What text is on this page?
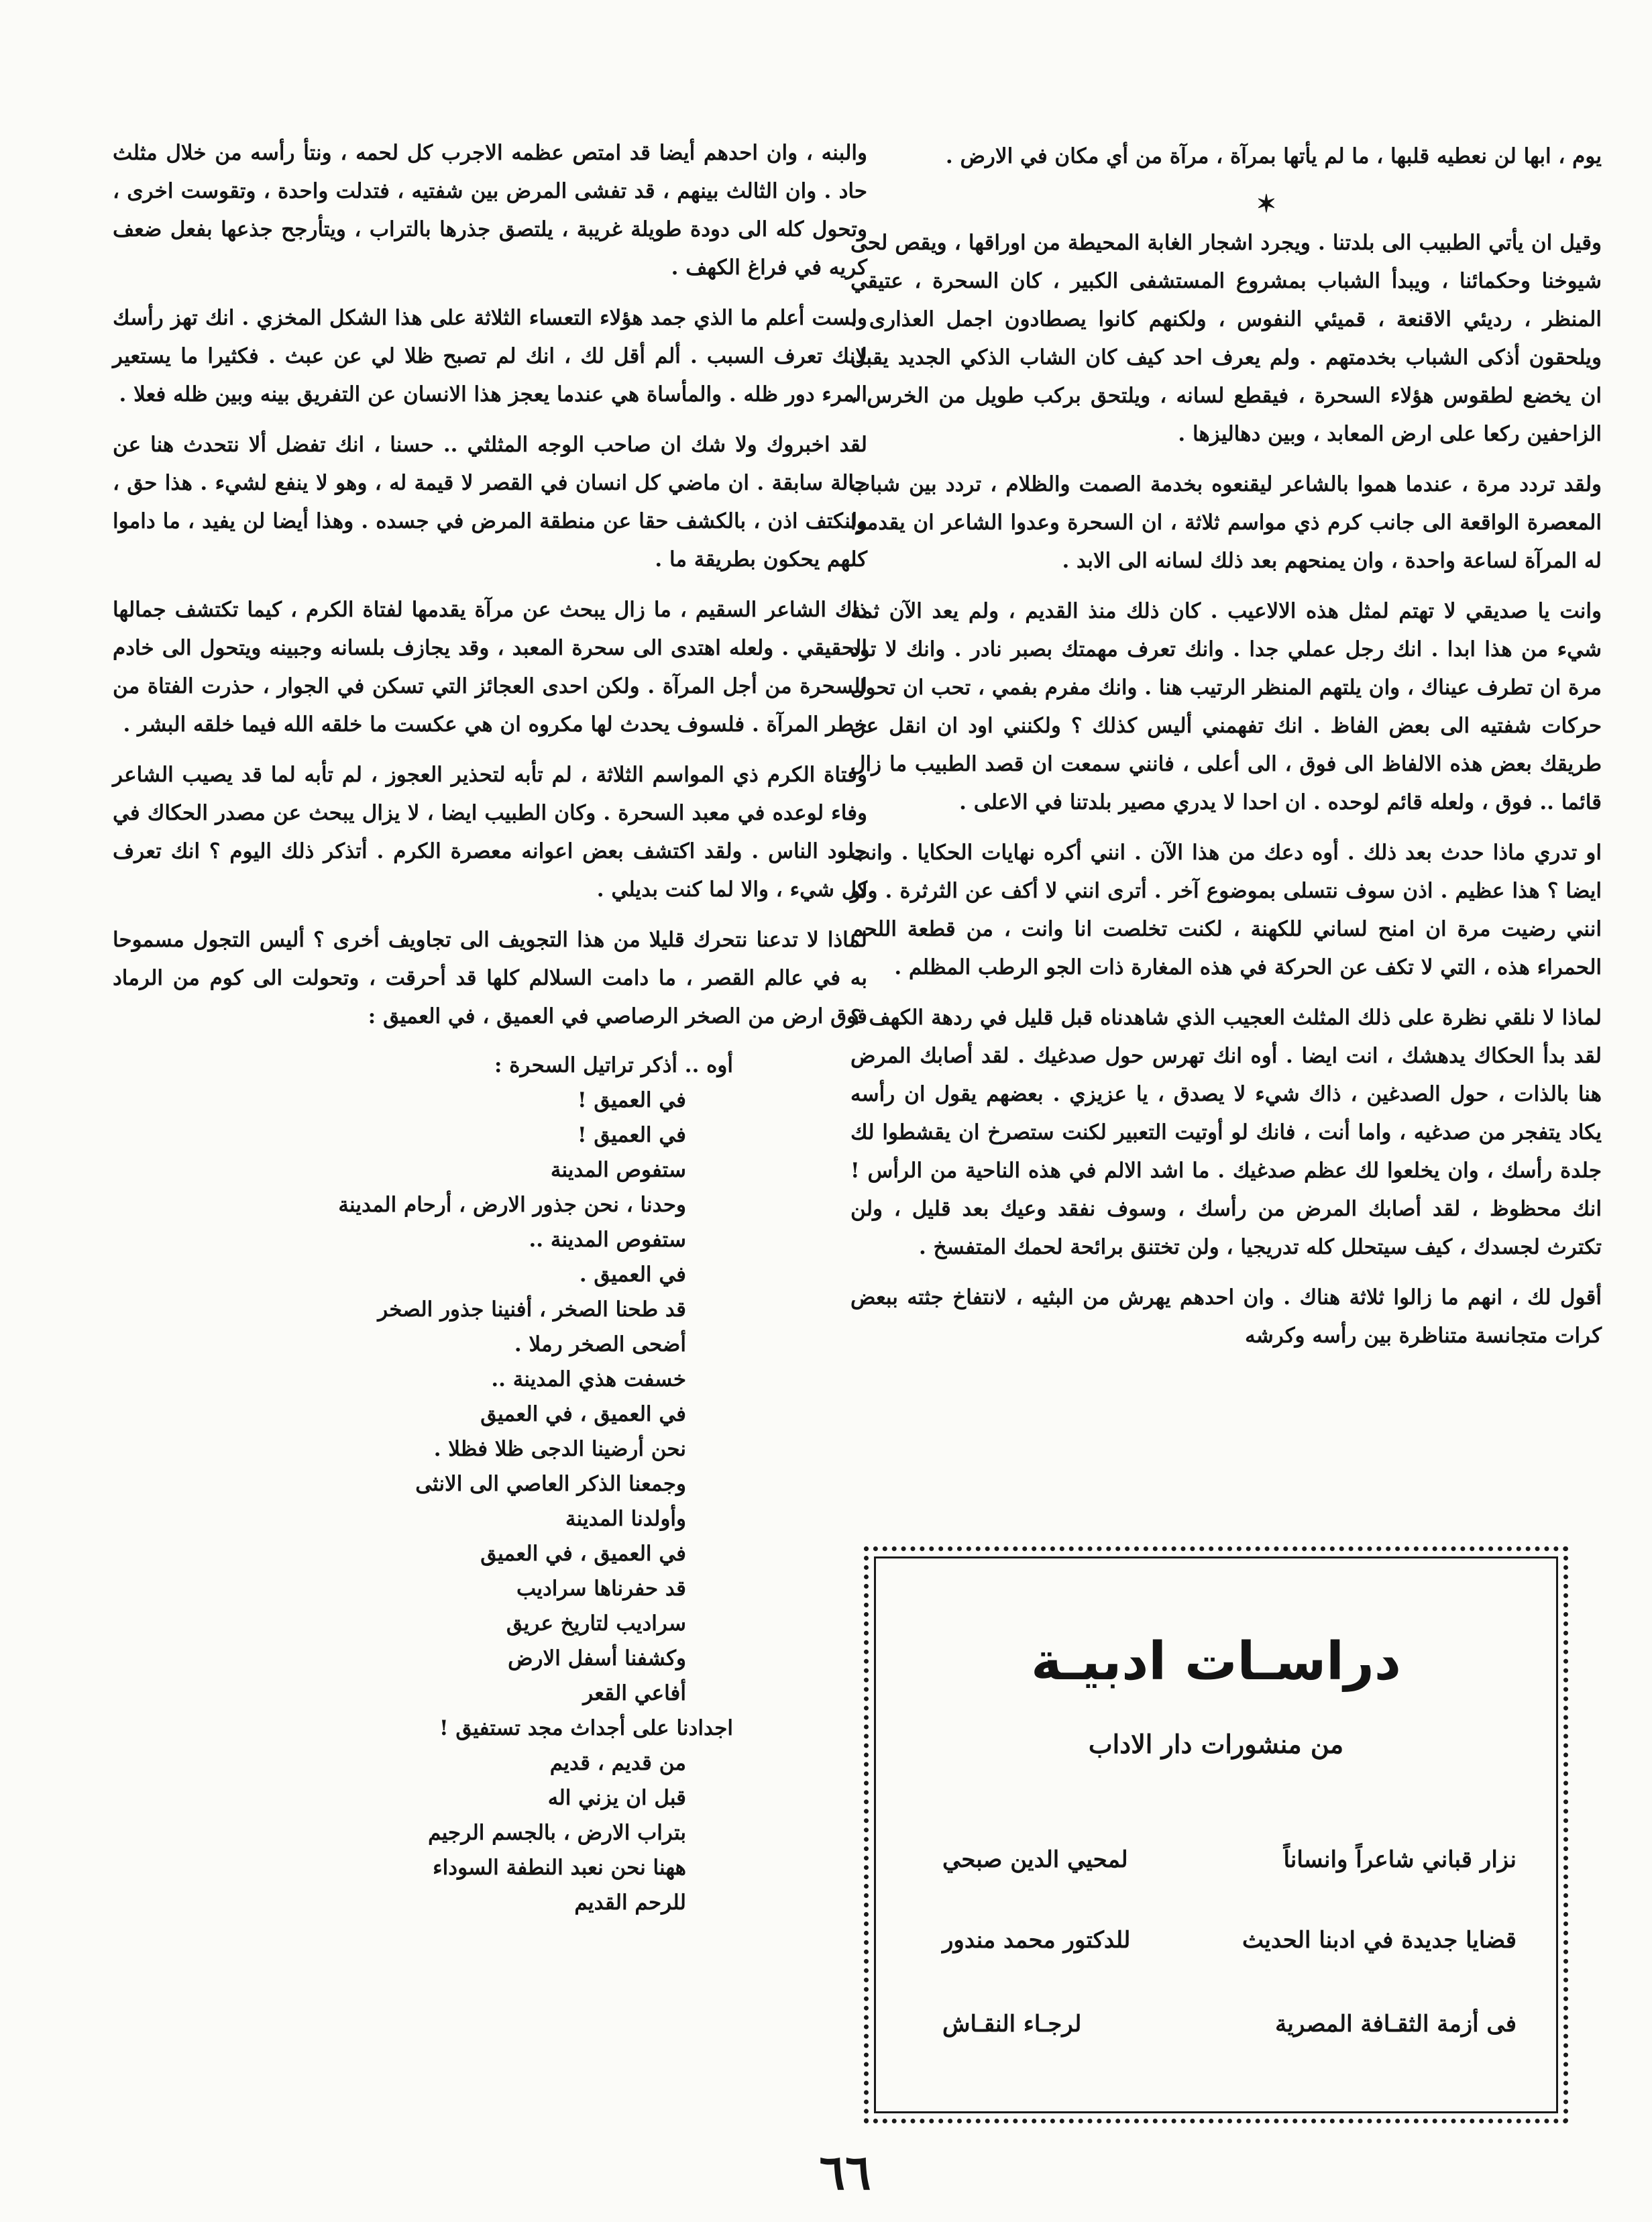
يوم ، ابها لن نعطيه قلبها ، ما لم يأتها بمرآة ، مرآة من أي مكان في الارض .

✶

وقيل ان يأتي الطبيب الى بلدتنا . ويجرد اشجار الغابة المحيطة من اوراقها ، ويقص لحى شيوخنا وحكمائنا ، ويبدأ الشباب بمشروع المستشفى الكبير ، كان السحرة ، عتيقي المنظر ، رديئي الاقنعة ، قميئي النفوس ، ولكنهم كانوا يصطادون اجمل العذارى ، ويلحقون أذكى الشباب بخدمتهم . ولم يعرف احد كيف كان الشاب الذكي الجديد يقبل ان يخضع لطقوس هؤلاء السحرة ، فيقطع لسانه ، ويلتحق بركب طويل من الخرس ، الزاحفين ركعا على ارض المعابد ، وبين دهاليزها .

ولقد تردد مرة ، عندما هموا بالشاعر ليقنعوه بخدمة الصمت والظلام ، تردد بين شباب المعصرة الواقعة الى جانب كرم ذي مواسم ثلاثة ، ان السحرة وعدوا الشاعر ان يقدموا له المرآة لساعة واحدة ، وان يمنحهم بعد ذلك لسانه الى الابد .

وانت يا صديقي لا تهتم لمثل هذه الالاعيب . كان ذلك منذ القديم ، ولم يعد الآن ثمة شيء من هذا ابدا . انك رجل عملي جدا . وانك تعرف مهمتك بصبر نادر . وانك لا تود مرة ان تطرف عيناك ، وان يلتهم المنظر الرتيب هنا . وانك مفرم بفمي ، تحب ان تحول حركات شفتيه الى بعض الفاظ . انك تفهمني أليس كذلك ؟ ولكنني اود ان انقل عن طريقك بعض هذه الالفاظ الى فوق ، الى أعلى ، فانني سمعت ان قصد الطبيب ما زال قائما .. فوق ، ولعله قائم لوحده . ان احدا لا يدري مصير بلدتنا في الاعلى .

او تدري ماذا حدث بعد ذلك . أوه دعك من هذا الآن . انني أكره نهايات الحكايا . وانت ايضا ؟ هذا عظيم . اذن سوف نتسلى بموضوع آخر . أترى انني لا أكف عن الثرثرة . ولو انني رضيت مرة ان امنح لساني للكهنة ، لكنت تخلصت انا وانت ، من قطعة اللحم الحمراء هذه ، التي لا تكف عن الحركة في هذه المغارة ذات الجو الرطب المظلم .

لماذا لا نلقي نظرة على ذلك المثلث العجيب الذي شاهدناه قبل قليل في ردهة الكهف ؟ لقد بدأ الحكاك يدهشك ، انت ايضا . أوه انك تهرس حول صدغيك . لقد أصابك المرض هنا بالذات ، حول الصدغين ، ذاك شيء لا يصدق ، يا عزيزي . بعضهم يقول ان رأسه يكاد يتفجر من صدغيه ، واما أنت ، فانك لو أوتيت التعبير لكنت ستصرخ ان يقشطوا لك جلدة رأسك ، وان يخلعوا لك عظم صدغيك . ما اشد الالم في هذه الناحية من الرأس ! انك محظوظ ، لقد أصابك المرض من رأسك ، وسوف نفقد وعيك بعد قليل ، ولن تكترث لجسدك ، كيف سيتحلل كله تدريجيا ، ولن تختنق برائحة لحمك المتفسخ .

أقول لك ، انهم ما زالوا ثلاثة هناك . وان احدهم يهرش من البثيه ، لانتفاخ جثته ببعض كرات متجانسة متناظرة بين رأسه وكرشه

والبنه ، وان احدهم أيضا قد امتص عظمه الاجرب كل لحمه ، ونتأ رأسه من خلال مثلث حاد . وان الثالث بينهم ، قد تفشى المرض بين شفتيه ، فتدلت واحدة ، وتقوست اخرى ، وتحول كله الى دودة طويلة غريبة ، يلتصق جذرها بالتراب ، ويتأرجح جذعها بفعل ضعف كريه في فراغ الكهف .

ولست أعلم ما الذي جمد هؤلاء التعساء الثلاثة على هذا الشكل المخزي . انك تهز رأسك لانك تعرف السبب . ألم أقل لك ، انك لم تصبح ظلا لي عن عبث . فكثيرا ما يستعير المرء دور ظله . والمأساة هي عندما يعجز هذا الانسان عن التفريق بينه وبين ظله فعلا .

لقد اخبروك ولا شك ان صاحب الوجه المثلثي .. حسنا ، انك تفضل ألا نتحدث هنا عن حالة سابقة . ان ماضي كل انسان في القصر لا قيمة له ، وهو لا ينفع لشيء . هذا حق ، ولنكتف اذن ، بالكشف حقا عن منطقة المرض في جسده . وهذا أيضا لن يفيد ، ما داموا كلهم يحكون بطريقة ما .

ذاك الشاعر السقيم ، ما زال يبحث عن مرآة يقدمها لفتاة الكرم ، كيما تكتشف جمالها الحقيقي . ولعله اهتدى الى سحرة المعبد ، وقد يجازف بلسانه وجبينه ويتحول الى خادم للسحرة من أجل المرآة . ولكن احدى العجائز التي تسكن في الجوار ، حذرت الفتاة من خطر المرآة . فلسوف يحدث لها مكروه ان هي عكست ما خلقه الله فيما خلقه البشر .

وفتاة الكرم ذي المواسم الثلاثة ، لم تأبه لتحذير العجوز ، لم تأبه لما قد يصيب الشاعر وفاء لوعده في معبد السحرة . وكان الطبيب ايضا ، لا يزال يبحث عن مصدر الحكاك في جلود الناس . ولقد اكتشف بعض اعوانه معصرة الكرم . أتذكر ذلك اليوم ؟ انك تعرف كل شيء ، والا لما كنت بديلي .

لماذا لا تدعنا نتحرك قليلا من هذا التجويف الى تجاويف أخرى ؟ أليس التجول مسموحا به في عالم القصر ، ما دامت السلالم كلها قد أحرقت ، وتحولت الى كوم من الرماد فوق ارض من الصخر الرصاصي في العميق ، في العميق :

أوه .. أذكر تراتيل السحرة :
في العميق !
في العميق !
ستفوص المدينة
وحدنا ، نحن جذور الارض ، أرحام المدينة
ستفوص المدينة ..
في العميق .
قد طحنا الصخر ، أفنينا جذور الصخر
أضحى الصخر رملا .
خسفت هذي المدينة ..
في العميق ، في العميق
نحن أرضينا الدجى ظلا فظلا .
وجمعنا الذكر العاصي الى الانثى
وأولدنا المدينة
في العميق ، في العميق
قد حفرناها سراديب
سراديب لتاريخ عريق
وكشفنا أسفل الارض
أفاعي القعر
اجدادنا على أجداث مجد تستفيق !
من قديم ، قديم
قبل ان يزني اله
بتراب الارض ، بالجسم الرجيم
ههنا نحن نعبد النطفة السوداء
للرحم القديم
دراسـات ادبيـة
من منشورات دار الاداب
نزار قباني شاعراً وانساناً
لمحيي الدين صبحي
قضايا جديدة في ادبنا الحديث
للدكتور محمد مندور
فى أزمة الثقـافة المصرية
لرجـاء النقـاش
٦٦
